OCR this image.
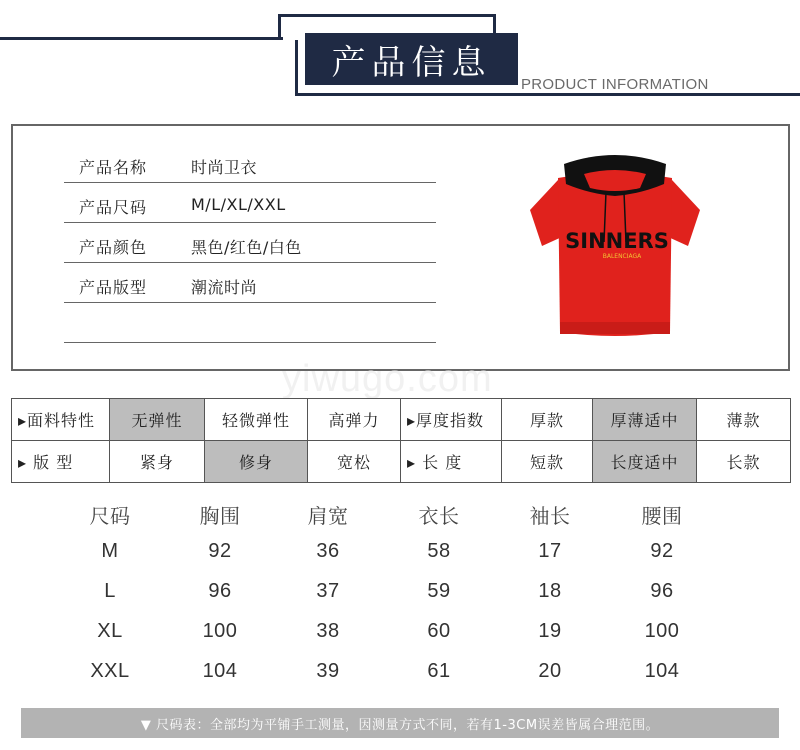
产品信息
PRODUCT INFORMATION
产品名称	时尚卫衣
产品尺码	M/L/XL/XXL
产品颜色	黑色/红色/白色
产品版型	潮流时尚
SINNERS
BALENCIAGA
yiwugo.com
▸面料特性	无弹性	轻微弹性	高弹力	▸厚度指数	厚款	厚薄适中	薄款
▸ 版 型	紧身	修身	宽松	▸ 长 度	短款	长度适中	长款
尺码	胸围	肩宽	衣长	袖长	腰围
M	92	36	58	17	92
L	96	37	59	18	96
XL	100	38	60	19	100
XXL	104	39	61	20	104
▼ 尺码表：全部均为平铺手工测量，因测量方式不同，若有1-3CM误差皆属合理范围。
